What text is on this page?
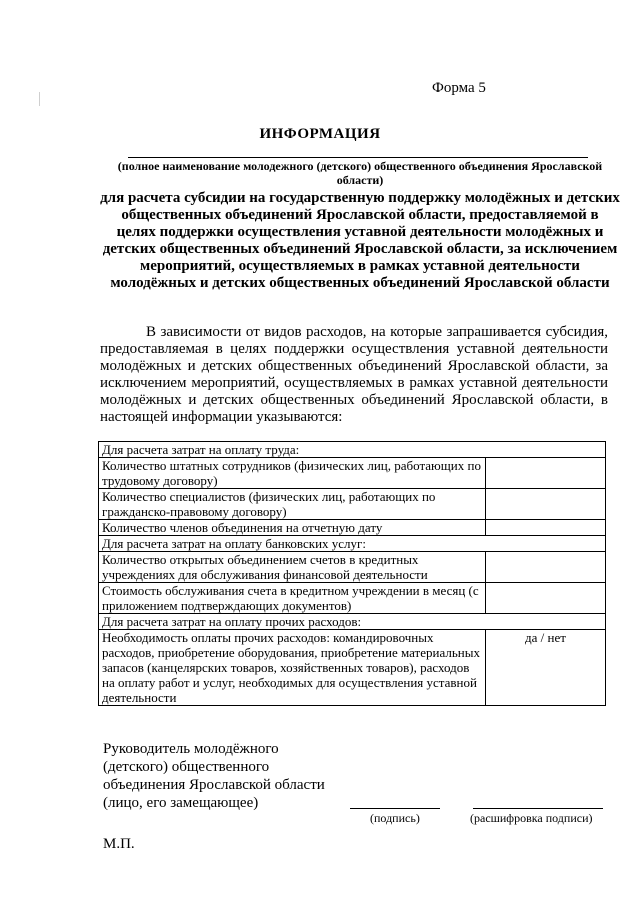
Форма 5
ИНФОРМАЦИЯ
(полное наименование молодежного (детского) общественного объединения Ярославской области)
для расчета субсидии на государственную поддержку молодёжных и детских общественных объединений Ярославской области, предоставляемой в целях поддержки осуществления уставной деятельности молодёжных и детских общественных объединений Ярославской области, за исключением мероприятий, осуществляемых в рамках уставной деятельности молодёжных и детских общественных объединений Ярославской области
В зависимости от видов расходов, на которые запрашивается субсидия, предоставляемая в целях поддержки осуществления уставной деятельности молодёжных и детских общественных объединений Ярославской области, за исключением мероприятий, осуществляемых в рамках уставной деятельности молодёжных и детских общественных объединений Ярославской области, в настоящей информации указываются:
Для расчета затрат на оплату труда:	
Количество штатных сотрудников (физических лиц, работающих по трудовому договору)	
Количество специалистов (физических лиц, работающих по гражданско-правовому договору)	
Количество членов объединения на отчетную дату	
Для расчета затрат на оплату банковских услуг:	
Количество открытых объединением счетов в кредитных учреждениях для обслуживания финансовой деятельности	
Стоимость обслуживания счета в кредитном учреждении в месяц (с приложением подтверждающих документов)	
Для расчета затрат на оплату прочих расходов:	
Необходимость оплаты прочих расходов: командировочных расходов, приобретение оборудования, приобретение материальных запасов (канцелярских товаров, хозяйственных товаров), расходов на оплату работ и услуг, необходимых для осуществления уставной деятельности	да / нет
Руководитель молодёжного
(детского) общественного
объединения Ярославской области
(лицо, его замещающее)
(подпись)	(расшифровка подписи)
М.П.
